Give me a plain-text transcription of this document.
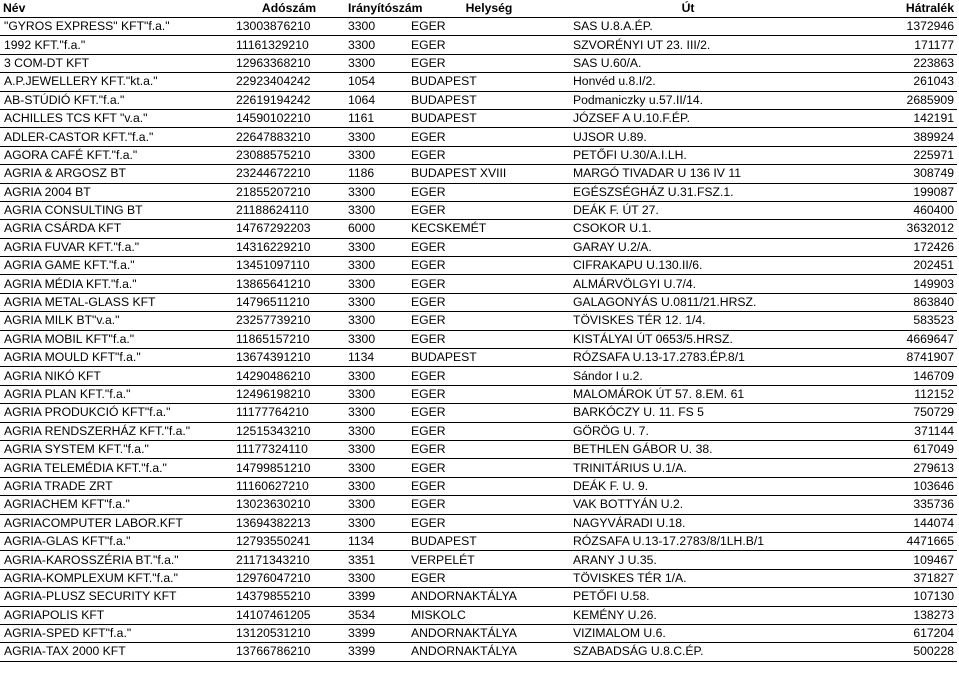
Név	Adószám	Irányítószám	Helység	Út	Hátralék
"GYROS EXPRESS" KFT"f.a."	13003876210	3300	EGER	SAS U.8.A.ÉP.	1372946
1992 KFT."f.a."	11161329210	3300	EGER	SZVORÉNYI UT 23. III/2.	171177
3 COM-DT KFT	12963368210	3300	EGER	SAS U.60/A.	223863
A.P.JEWELLERY KFT."kt.a."	22923404242	1054	BUDAPEST	Honvéd u.8.I/2.	261043
AB-STÚDIÓ KFT."f.a."	22619194242	1064	BUDAPEST	Podmaniczky u.57.II/14.	2685909
ACHILLES TCS KFT "v.a."	14590102210	1161	BUDAPEST	JÓZSEF A U.10.F.ÉP.	142191
ADLER-CASTOR KFT."f.a."	22647883210	3300	EGER	UJSOR U.89.	389924
AGORA CAFÉ KFT."f.a."	23088575210	3300	EGER	PETŐFI U.30/A.I.LH.	225971
AGRIA & ARGOSZ BT	23244672210	1186	BUDAPEST XVIII	MARGÓ TIVADAR U 136 IV 11	308749
AGRIA 2004 BT	21855207210	3300	EGER	EGÉSZSÉGHÁZ U.31.FSZ.1.	199087
AGRIA CONSULTING BT	21188624110	3300	EGER	DEÁK F. ÚT 27.	460400
AGRIA CSÁRDA KFT	14767292203	6000	KECSKEMÉT	CSOKOR U.1.	3632012
AGRIA FUVAR KFT."f.a."	14316229210	3300	EGER	GARAY U.2/A.	172426
AGRIA GAME KFT."f.a."	13451097110	3300	EGER	CIFRAKAPU U.130.II/6.	202451
AGRIA MÉDIA KFT."f.a."	13865641210	3300	EGER	ALMÁRVÖLGYI U.7/4.	149903
AGRIA METAL-GLASS KFT	14796511210	3300	EGER	GALAGONYÁS U.0811/21.HRSZ.	863840
AGRIA MILK BT"v.a."	23257739210	3300	EGER	TÖVISKES TÉR 12. 1/4.	583523
AGRIA MOBIL KFT"f.a."	11865157210	3300	EGER	KISTÁLYAI ÚT 0653/5.HRSZ.	4669647
AGRIA MOULD KFT"f.a."	13674391210	1134	BUDAPEST	RÓZSAFA U.13-17.2783.ÉP.8/1	8741907
AGRIA NIKÓ KFT	14290486210	3300	EGER	Sándor I u.2.	146709
AGRIA PLAN KFT."f.a."	12496198210	3300	EGER	MALOMÁROK ÚT 57. 8.EM. 61	112152
AGRIA PRODUKCIÓ KFT"f.a."	11177764210	3300	EGER	BARKÓCZY U. 11. FS 5	750729
AGRIA RENDSZERHÁZ KFT."f.a."	12515343210	3300	EGER	GÖRÖG U. 7.	371144
AGRIA SYSTEM KFT."f.a."	11177324110	3300	EGER	BETHLEN GÁBOR U. 38.	617049
AGRIA TELEMÉDIA KFT."f.a."	14799851210	3300	EGER	TRINITÁRIUS U.1/A.	279613
AGRIA TRADE ZRT	11160627210	3300	EGER	DEÁK F. U. 9.	103646
AGRIACHEM KFT"f.a."	13023630210	3300	EGER	VAK BOTTYÁN U.2.	335736
AGRIACOMPUTER LABOR.KFT	13694382213	3300	EGER	NAGYVÁRADI U.18.	144074
AGRIA-GLAS KFT"f.a."	12793550241	1134	BUDAPEST	RÓZSAFA U.13-17.2783/8/1LH.B/1	4471665
AGRIA-KAROSSZÉRIA BT."f.a."	21171343210	3351	VERPELÉT	ARANY J U.35.	109467
AGRIA-KOMPLEXUM KFT."f.a."	12976047210	3300	EGER	TÖVISKES TÉR 1/A.	371827
AGRIA-PLUSZ SECURITY KFT	14379855210	3399	ANDORNAKTÁLYA	PETŐFI U.58.	107130
AGRIAPOLIS KFT	14107461205	3534	MISKOLC	KEMÉNY U.26.	138273
AGRIA-SPED KFT"f.a."	13120531210	3399	ANDORNAKTÁLYA	VIZIMALOM U.6.	617204
AGRIA-TAX 2000 KFT	13766786210	3399	ANDORNAKTÁLYA	SZABADSÁG U.8.C.ÉP.	500228
